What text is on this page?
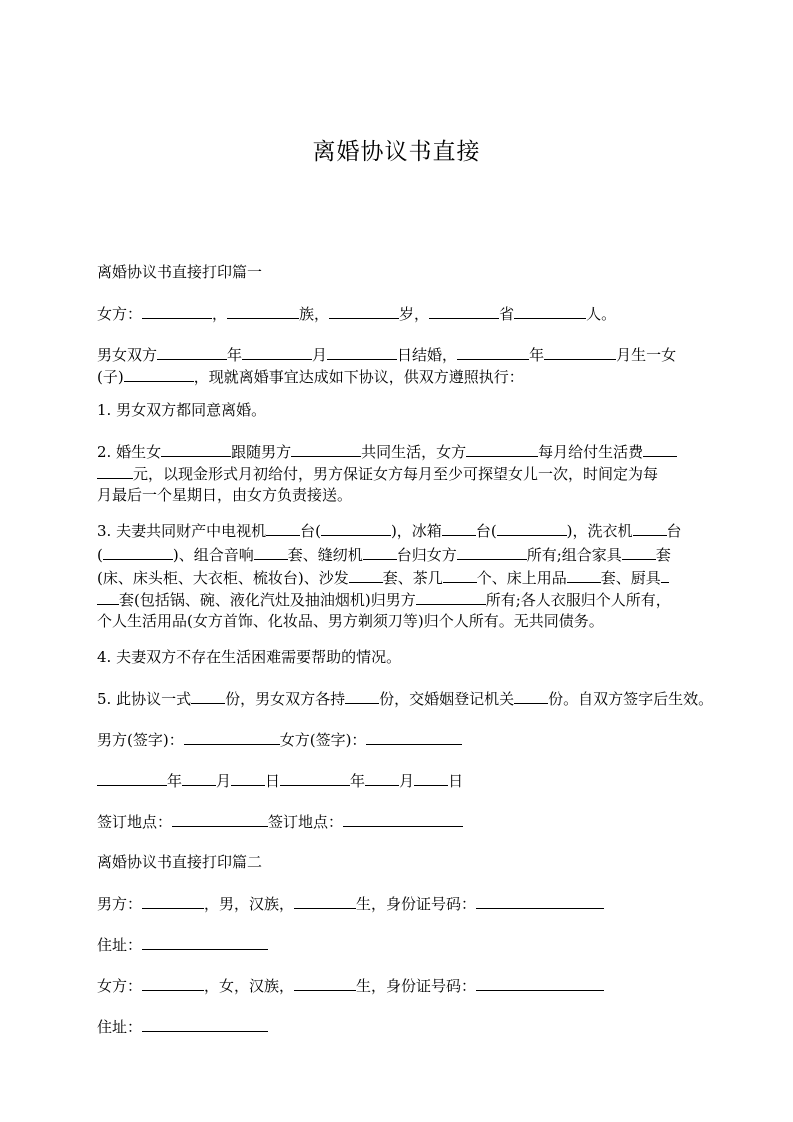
离婚协议书直接
离婚协议书直接打印篇一
女方：	，	族，	岁，	省	人。
男女双方	年	月	日结婚，	年	月生一女
(子)	，现就离婚事宜达成如下协议，供双方遵照执行：
1. 男女双方都同意离婚。
2. 婚生女	跟随男方	共同生活，女方	每月给付生活费
元，以现金形式月初给付，男方保证女方每月至少可探望女儿一次，时间定为每
月最后一个星期日，由女方负责接送。
3. 夫妻共同财产中电视机 台(	)，冰箱 台(	)，洗衣机 台
(	)、组合音响 套、缝纫机 台归女方	所有;组合家具 套
(床、床头柜、大衣柜、梳妆台)、沙发 套、茶几 个、床上用品 套、厨具
套(包括锅、碗、液化汽灶及抽油烟机)归男方	所有;各人衣服归个人所有，
个人生活用品(女方首饰、化妆品、男方剃须刀等)归个人所有。无共同债务。
4. 夫妻双方不存在生活困难需要帮助的情况。
5. 此协议一式 份，男女双方各持 份，交婚姻登记机关 份。自双方签字后生效。
男方(签字)：	女方(签字)：
年 月 日	年 月 日
签订地点：	签订地点：
离婚协议书直接打印篇二
男方：	，男，汉族，	生，身份证号码：
住址：
女方：	，女，汉族，	生，身份证号码：
住址：
